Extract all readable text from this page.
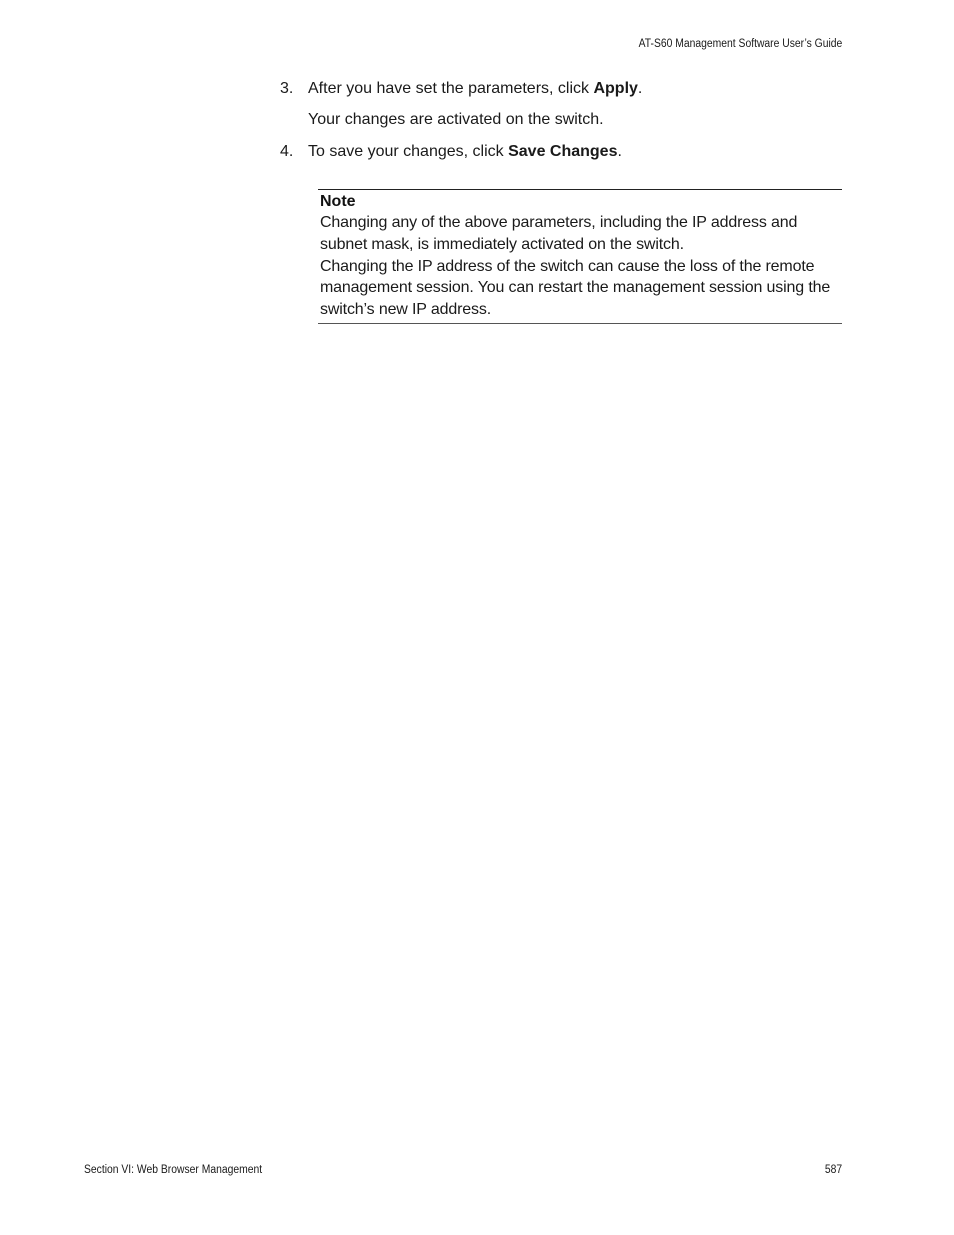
AT-S60 Management Software User’s Guide
3. After you have set the parameters, click Apply.
Your changes are activated on the switch.
4. To save your changes, click Save Changes.
Note

Changing any of the above parameters, including the IP address and subnet mask, is immediately activated on the switch.

Changing the IP address of the switch can cause the loss of the remote management session. You can restart the management session using the switch’s new IP address.

Section VI: Web Browser Management	587
